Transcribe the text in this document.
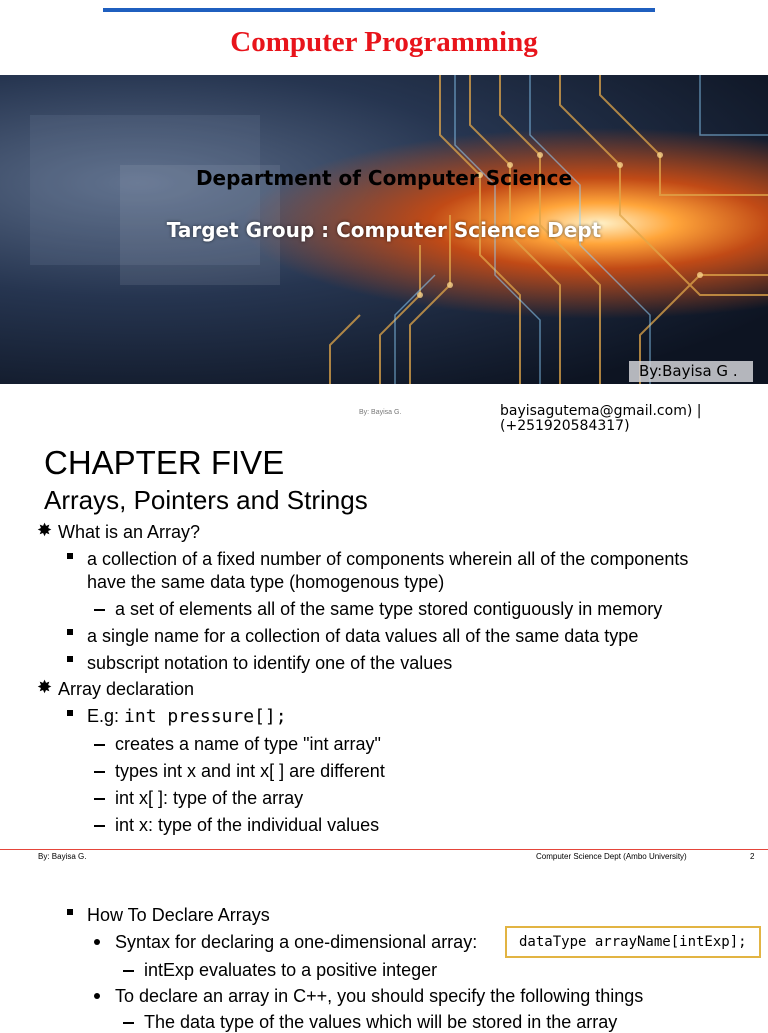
Computer Programming
Department of Computer Science
Target Group : Computer Science Dept
By:Bayisa G .
By: Bayisa G.	bayisagutema@gmail.com) | (+251920584317)
CHAPTER FIVE
Arrays, Pointers and Strings
✸ What is an Array?
a collection of a fixed number of components wherein all of the components
have the same data type (homogenous type)
a set of elements all of the same type stored contiguously in memory
a single name for a collection of data values all of the same data type
subscript notation to identify one of the values
✸ Array declaration
E.g: int pressure[];
creates a name of type "int array"
types int x and int x[ ] are different
int x[ ]: type of the array
int x: type of the individual values
By: Bayisa G.	Computer Science Dept (Ambo University)	2
How To Declare Arrays
Syntax for declaring a one-dimensional array:	dataType arrayName[intExp];
intExp evaluates to a positive integer
To declare an array in C++, you should specify the following things
The data type of the values which will be stored in the array
